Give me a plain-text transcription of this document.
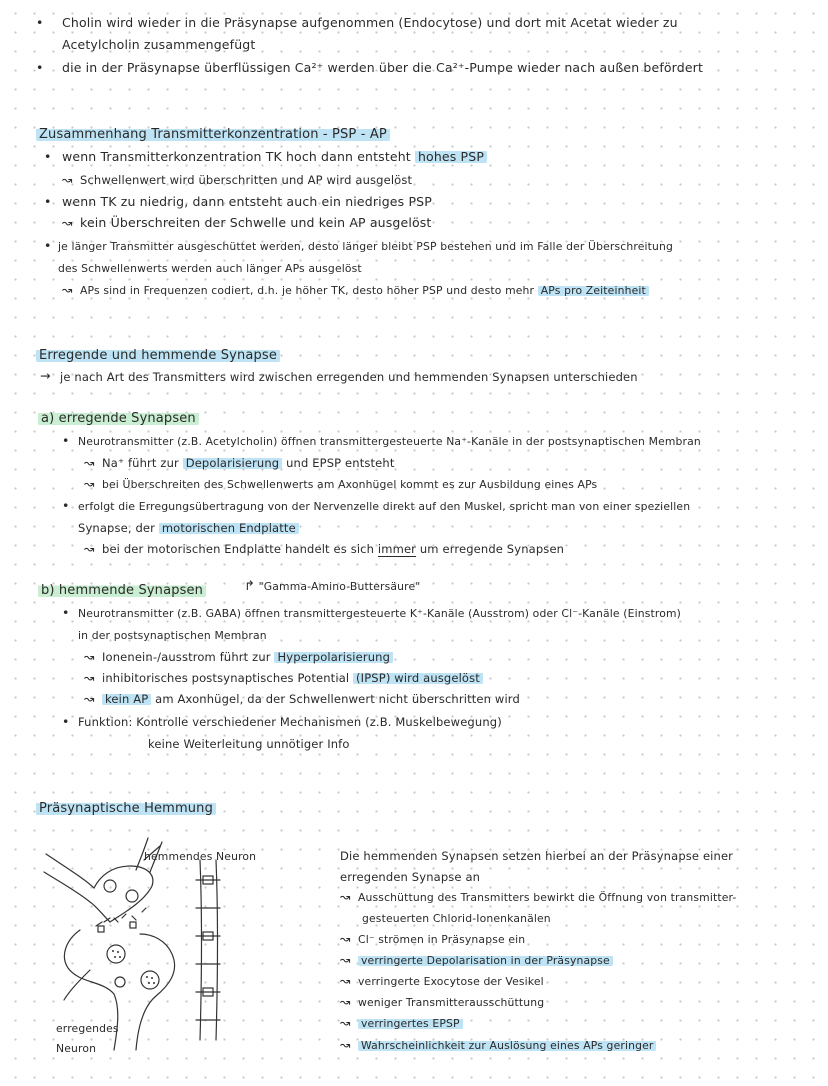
• Cholin wird wieder in die Präsynapse aufgenommen (Endocytose) und dort mit Acetat wieder zu
Acetylcholin zusammengefügt
• die in der Präsynapse überflüssigen Ca²⁺ werden über die Ca²⁺-Pumpe wieder nach außen befördert
Zusammenhang Transmitterkonzentration - PSP - AP
• wenn Transmitterkonzentration TK hoch dann entsteht hohes PSP
↝ Schwellenwert wird überschritten und AP wird ausgelöst
• wenn TK zu niedrig, dann entsteht auch ein niedriges PSP
↝ kein Überschreiten der Schwelle und kein AP ausgelöst
• je länger Transmitter ausgeschüttet werden, desto länger bleibt PSP bestehen und im Falle der Überschreitung
des Schwellenwerts werden auch länger APs ausgelöst
↝ APs sind in Frequenzen codiert, d.h. je höher TK, desto höher PSP und desto mehr APs pro Zeiteinheit
Erregende und hemmende Synapse
→ je nach Art des Transmitters wird zwischen erregenden und hemmenden Synapsen unterschieden
a) erregende Synapsen
• Neurotransmitter (z.B. Acetylcholin) öffnen transmittergesteuerte Na⁺-Kanäle in der postsynaptischen Membran
↝ Na⁺ führt zur Depolarisierung und EPSP entsteht
↝ bei Überschreiten des Schwellenwerts am Axonhügel kommt es zur Ausbildung eines APs
• erfolgt die Erregungsübertragung von der Nervenzelle direkt auf den Muskel, spricht man von einer speziellen
Synapse, der motorischen Endplatte
↝ bei der motorischen Endplatte handelt es sich immer um erregende Synapsen
b) hemmende Synapsen	↱ "Gamma-Amino-Buttersäure"
• Neurotransmitter (z.B. GABA) öffnen transmittergesteuerte K⁺-Kanäle (Ausstrom) oder Cl⁻-Kanäle (Einstrom)
in der postsynaptischen Membran
↝ Ionenein-/ausstrom führt zur Hyperpolarisierung
↝ inhibitorisches postsynaptisches Potential (IPSP) wird ausgelöst
↝ kein AP am Axonhügel, da der Schwellenwert nicht überschritten wird
• Funktion: Kontrolle verschiedener Mechanismen (z.B. Muskelbewegung)
keine Weiterleitung unnötiger Info
Präsynaptische Hemmung
hemmendes Neuron
erregendes
Neuron
Die hemmenden Synapsen setzen hierbei an der Präsynapse einer
erregenden Synapse an
↝ Ausschüttung des Transmitters bewirkt die Öffnung von transmitter-
gesteuerten Chlorid-Ionenkanälen
↝ Cl⁻ strömen in Präsynapse ein
↝ verringerte Depolarisation in der Präsynapse
↝ verringerte Exocytose der Vesikel
↝ weniger Transmitterausschüttung
↝ verringertes EPSP
↝ Wahrscheinlichkeit zur Auslösung eines APs geringer
